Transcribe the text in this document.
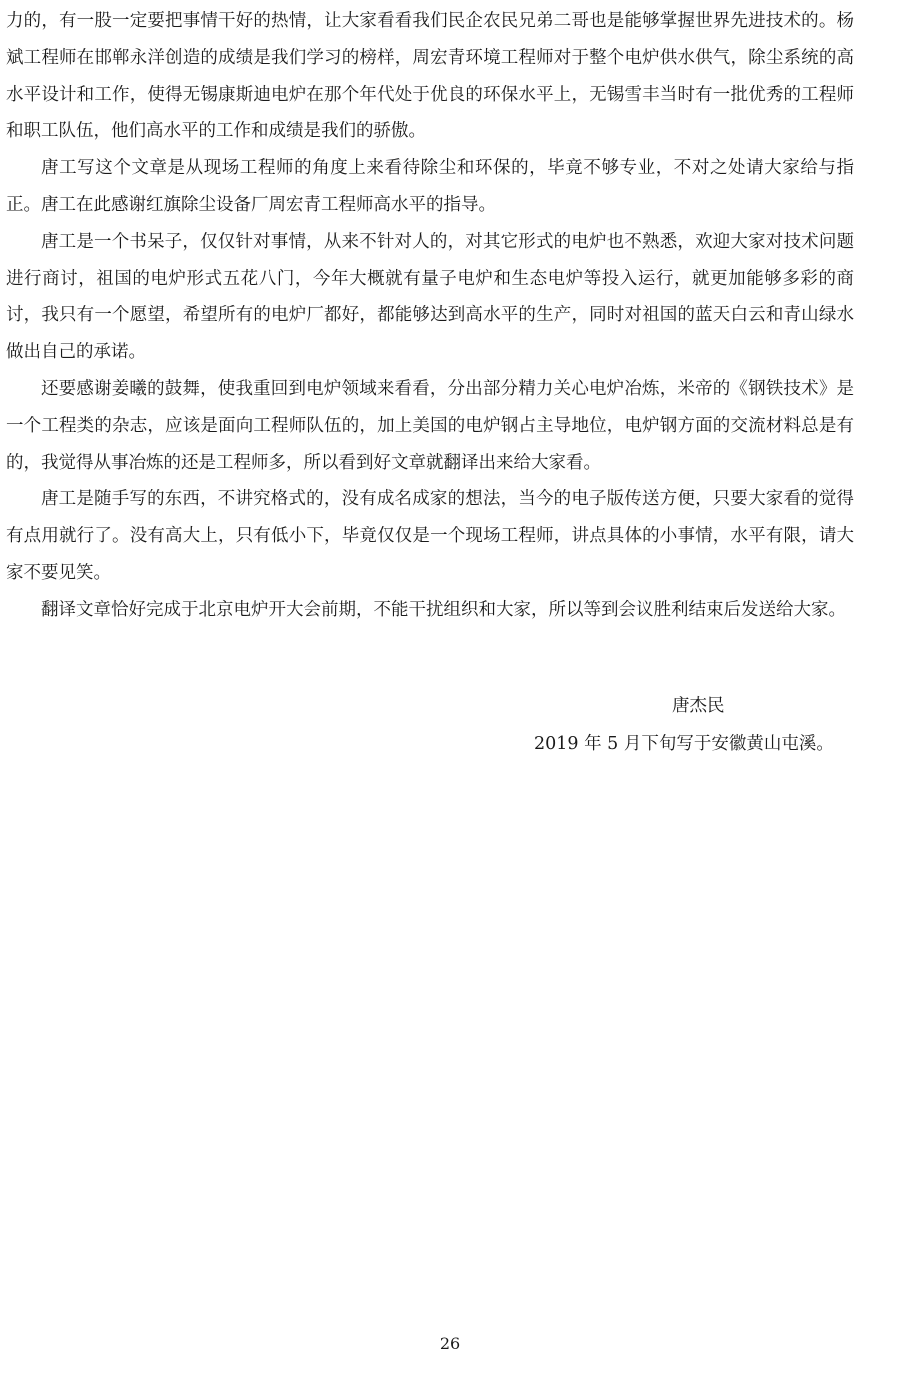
力的，有一股一定要把事情干好的热情，让大家看看我们民企农民兄弟二哥也是能够掌握世界先进技术的。杨斌工程师在邯郸永洋创造的成绩是我们学习的榜样，周宏青环境工程师对于整个电炉供水供气，除尘系统的高水平设计和工作，使得无锡康斯迪电炉在那个年代处于优良的环保水平上，无锡雪丰当时有一批优秀的工程师和职工队伍，他们高水平的工作和成绩是我们的骄傲。

唐工写这个文章是从现场工程师的角度上来看待除尘和环保的，毕竟不够专业，不对之处请大家给与指正。唐工在此感谢红旗除尘设备厂周宏青工程师高水平的指导。

唐工是一个书呆子，仅仅针对事情，从来不针对人的，对其它形式的电炉也不熟悉，欢迎大家对技术问题进行商讨，祖国的电炉形式五花八门，今年大概就有量子电炉和生态电炉等投入运行，就更加能够多彩的商讨，我只有一个愿望，希望所有的电炉厂都好，都能够达到高水平的生产，同时对祖国的蓝天白云和青山绿水做出自己的承诺。

还要感谢姜曦的鼓舞，使我重回到电炉领域来看看，分出部分精力关心电炉冶炼，米帝的《钢铁技术》是一个工程类的杂志，应该是面向工程师队伍的，加上美国的电炉钢占主导地位，电炉钢方面的交流材料总是有的，我觉得从事冶炼的还是工程师多，所以看到好文章就翻译出来给大家看。

唐工是随手写的东西，不讲究格式的，没有成名成家的想法，当今的电子版传送方便，只要大家看的觉得有点用就行了。没有高大上，只有低小下，毕竟仅仅是一个现场工程师，讲点具体的小事情，水平有限，请大家不要见笑。

翻译文章恰好完成于北京电炉开大会前期，不能干扰组织和大家，所以等到会议胜利结束后发送给大家。

唐杰民
2019 年 5 月下旬写于安徽黄山屯溪。
26
